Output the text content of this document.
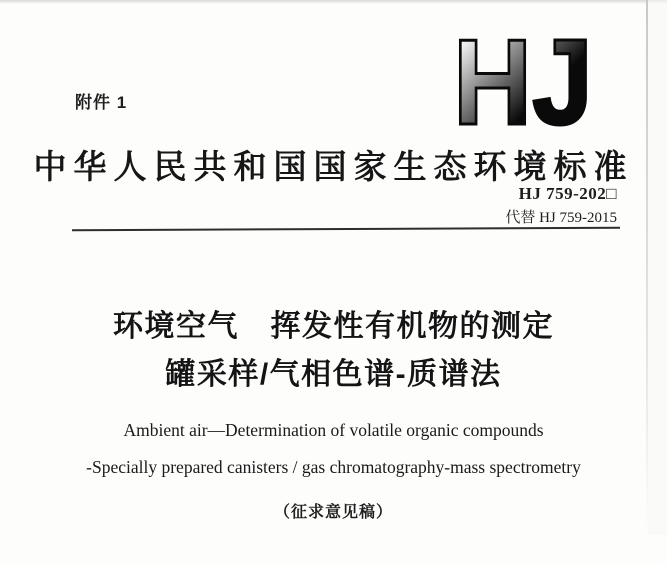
附件 1	HJ
中华人民共和国国家生态环境标准
HJ 759-202□
代替 HJ 759-2015
环境空气　挥发性有机物的测定
罐采样/气相色谱-质谱法
Ambient air—Determination of volatile organic compounds
-Specially prepared canisters / gas chromatography-mass spectrometry
（征求意见稿）
